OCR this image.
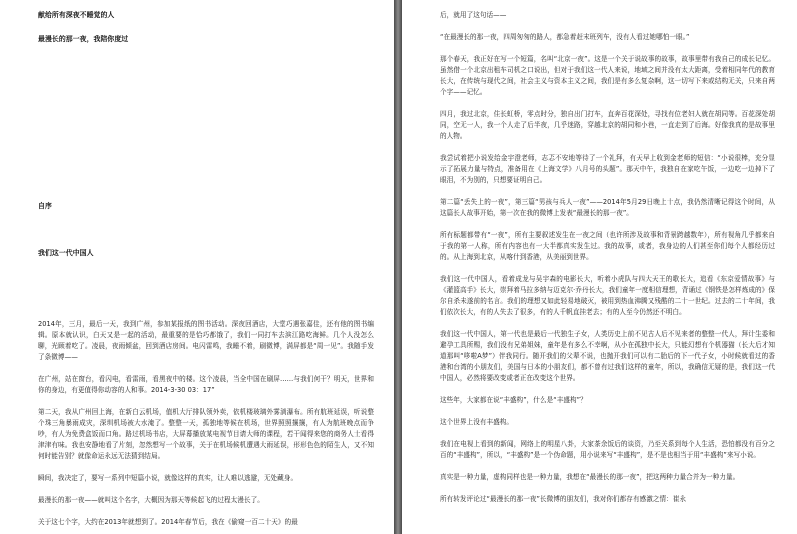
献给所有深夜不睡觉的人

最漫长的那一夜，我陪你度过

自序

我们这一代中国人

2014年，三月，最后一天，我到广州，参加某报纸的图书活动。深夜回酒店，大堂巧遇张嘉佳，还有他的图书编辑。原本就认识，白天又是一起的活动，最重要的是恰巧都饿了，我们一同打车去滨江路吃海鲜。几个人没怎么聊，光顾着吃了。凌晨，夜雨倾盆，回到酒店房间。电闪雷鸣，我睡不着，刷微博，满屏都是“周一见”。我随手发了条微博——

在广州，站在窗台，看闪电，看雷雨，看黑夜中的楼。这个凌晨，当全中国在刷屏……与我们何干？明天，世界和你的身边，有更值得你动容的人和事。2014-3-30 03：17”

第二天，我从广州回上海，在新白云机场，值机大厅排队领外卖，依机楼玻璃外雾淌瀑布。所有航班延误，听说整个珠三角暴雨成灾，深圳机场被大水淹了。整整一天，孤独地等候在机场，世界照照攘攘，有人为航班晚点而争吵，有人为免费盒饭而口角。路过机场书店，大屏幕播放某电视节目请大师的课程，若干闻得来您的商务人士看得津津有味。我也安静地看了片刻，忽然想写一个故事，关于在机场候机遭遇大雨延误，形形色色的陌生人，又不知何时能告别？就像命运永远无法猜到结局。

瞬间，我决定了，要写一系列中短篇小说，就像这样的真实，让人难以逃避，无处藏身。

最漫长的那一夜——就叫这个名字，大概因为那天等候起飞的过程太漫长了。

关于这七个字，大约在2013年就想到了。2014年春节后，我在《偷窥一百二十天》的最

后，就用了这句话——

“在最漫长的那一夜，四周匆匆的路人，都急着赶末班列车，没有人看过她哪怕一眼。”

那个春天，我正好在写一个短篇，名叫“北京一夜”。这是一个关于说故事的故事，故事里带有我自己的成长记忆。虽然借一个北京出租车司机之口说出，但对于我们这一代人来说，地域之间并没有太大距离，受着相同年代的教育长大，在传统与现代之间，社会主义与资本主义之间，我们是有多么复杂啊，这一切写下来或结构无关，只来自两个字——记忆。

四月，我过北京，住长虹桥，零点时分，独自出门打车，直奔百花深处，寻找有位老妇人就在胡同等。百花深处胡同，空无一人，我一个人走了后半夜，几乎迷路，穿越北京的胡同和小巷，一直走到了后海。好像我真的是故事里的人物。

我尝试着把小说发给金宇澄老师，志忑不安地等待了一个礼拜，有天早上收到金老师的短信：“小说很棒，充分显示了拓展力量与特点，准备用在《上海文学》八月号的头题”。那天中午，我独自在家吃午饭，一边吃一边掉下了眼泪，不为别的，只想要证明自己。

第二篇“丢失上的一夜”，第三篇“男孩与兵人一夜”——2014年5月29日晚上十点，我仍然清晰记得这个时间，从这篇长人故事开始，第一次在我的微博上发表“最漫长的那一夜”。

所有标题都带有“一夜”，所有主要叙述发生在一夜之间（也许所涉及故事和背景跨越数年），所有视角几乎都来自于我的第一人称，所有内容也有一大半都真实发生过。我的故事，或者，我身边的人们甚至你们每个人都经历过的。从上海到北京，从喀什到香港，从美丽到世界。

我们这一代中国人，看着成龙与吴宇森的电影长大，听着小虎队与四大天王的歌长大，追看《东京爱情故事》与《灌篮高手》长大，崇拜着马拉多纳与迈克尔·乔丹长大，我们童年一度相信理想，背诵过《钢铁是怎样炼成的》保尔自杀未遂前的名言。我们的理想又如此轻易地破灭，被用到热血沸腾又残酷的二十一世纪。过去的二十年间，我们依次长大，有的人失去了很多，有的人千帆直挂老去；有的人至今仍然还不明白。

我们这一代中国人，第一代也是最后一代独生子女，人类历史上前不见古人后不见来者的整整一代人，拜计生委和避孕工具所赐，我们没有兄弟姐妹，童年是有多么不幸啊，从小在孤独中长大，只能幻想有个机器猫（长大后才知道那叫“哆啦A梦”）伴我同行。随开我们的父辈不说，也抛开我们可以有二胎后的下一代子女，小时候就看过的香港和台湾的小朋友们，美国与日本的小朋友们，都不曾有过我们这样的童年，所以，我确信无疑的是，我们这一代中国人，必然将要改变或者正在改变这个世界。

这些年，大家都在说“丰盛构”，什么是“丰盛构”？

这个世界上没有丰盛构。

我们在电视上看到的新闻，网络上的明星八卦，大家茶余饭后的谈资，乃至关系到每个人生活，恐怕都没有百分之百的“丰盛构”，所以，“丰盛构”是一个伪命题，用小说来写“丰盛构”，是不是也相当于用“丰盛构”来写小说。

真实是一种力量，虚构同样也是一种力量，我想在“最漫长的那一夜”，把这两种力量合并为一种力量。

所有转发评论过“最漫长的那一夜”长微博的朋友们，我对你们都存有感激之情：崔永
